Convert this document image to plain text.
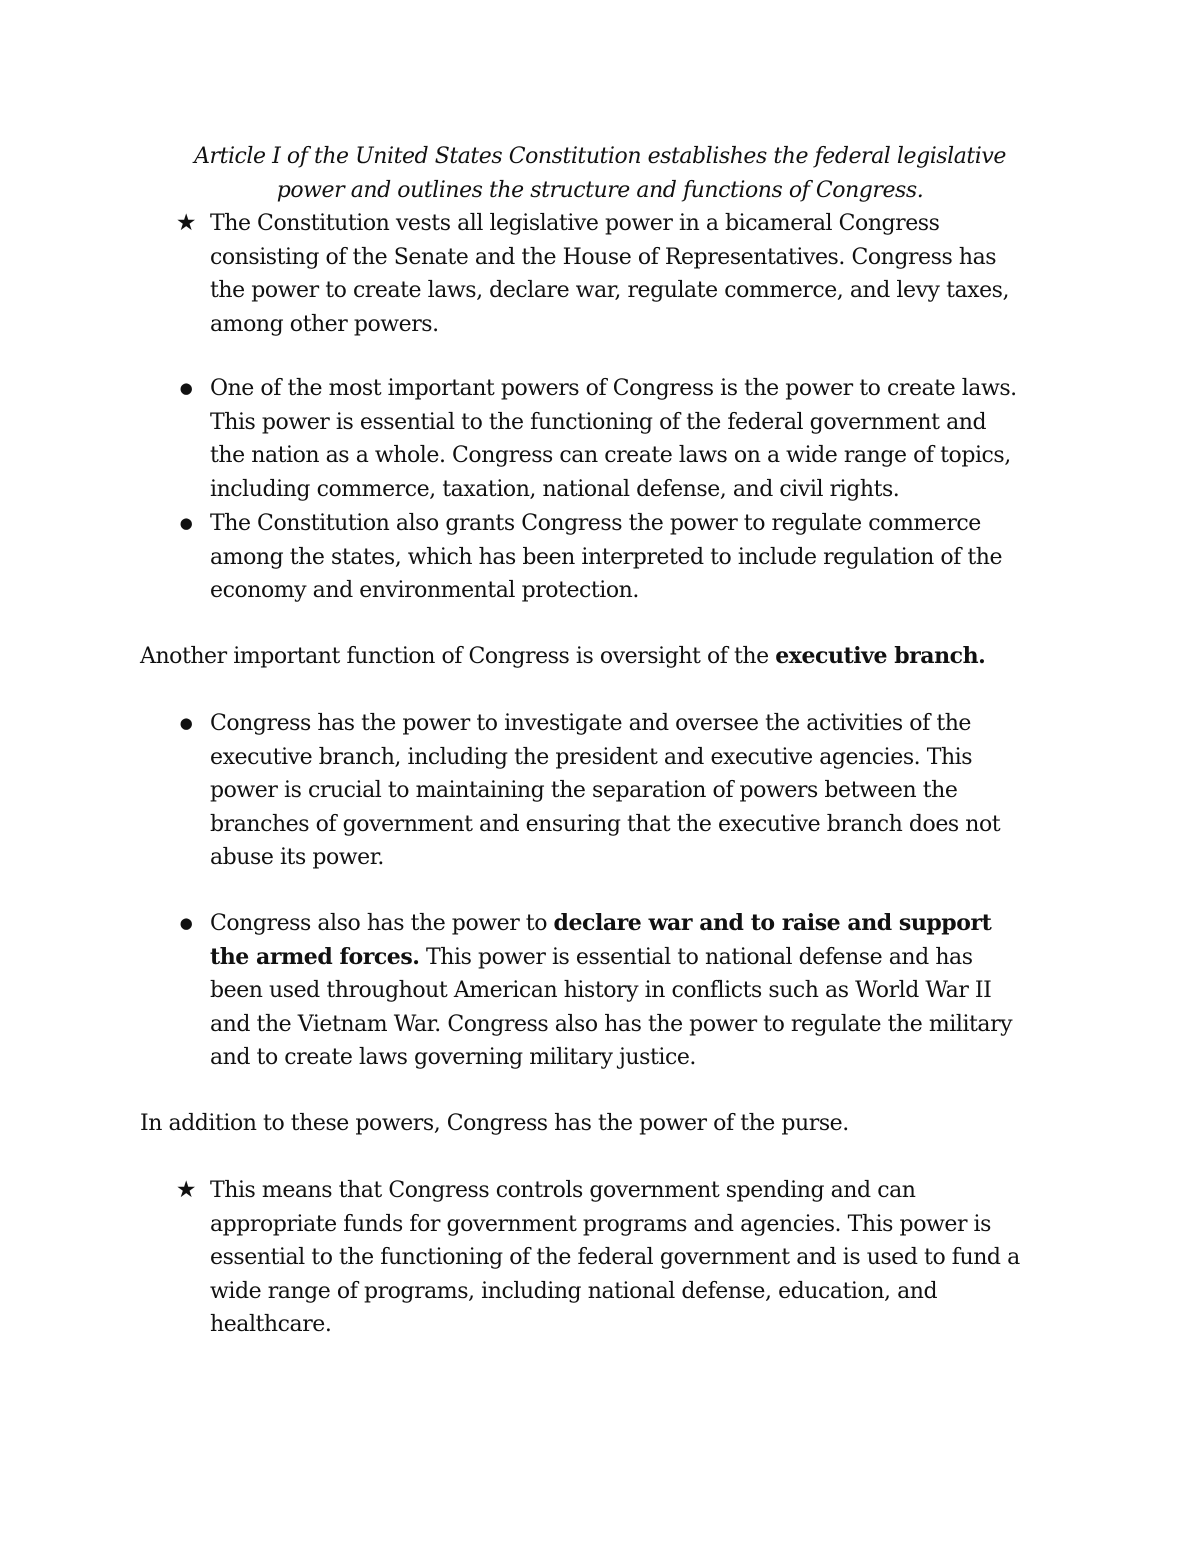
Article I of the United States Constitution establishes the federal legislative
power and outlines the structure and functions of Congress.
★ The Constitution vests all legislative power in a bicameral Congress
consisting of the Senate and the House of Representatives. Congress has
the power to create laws, declare war, regulate commerce, and levy taxes,
among other powers.
● One of the most important powers of Congress is the power to create laws.
This power is essential to the functioning of the federal government and
the nation as a whole. Congress can create laws on a wide range of topics,
including commerce, taxation, national defense, and civil rights.
● The Constitution also grants Congress the power to regulate commerce
among the states, which has been interpreted to include regulation of the
economy and environmental protection.
Another important function of Congress is oversight of the executive branch.
● Congress has the power to investigate and oversee the activities of the
executive branch, including the president and executive agencies. This
power is crucial to maintaining the separation of powers between the
branches of government and ensuring that the executive branch does not
abuse its power.
● Congress also has the power to declare war and to raise and support
the armed forces. This power is essential to national defense and has
been used throughout American history in conflicts such as World War II
and the Vietnam War. Congress also has the power to regulate the military
and to create laws governing military justice.
In addition to these powers, Congress has the power of the purse.
★ This means that Congress controls government spending and can
appropriate funds for government programs and agencies. This power is
essential to the functioning of the federal government and is used to fund a
wide range of programs, including national defense, education, and
healthcare.
